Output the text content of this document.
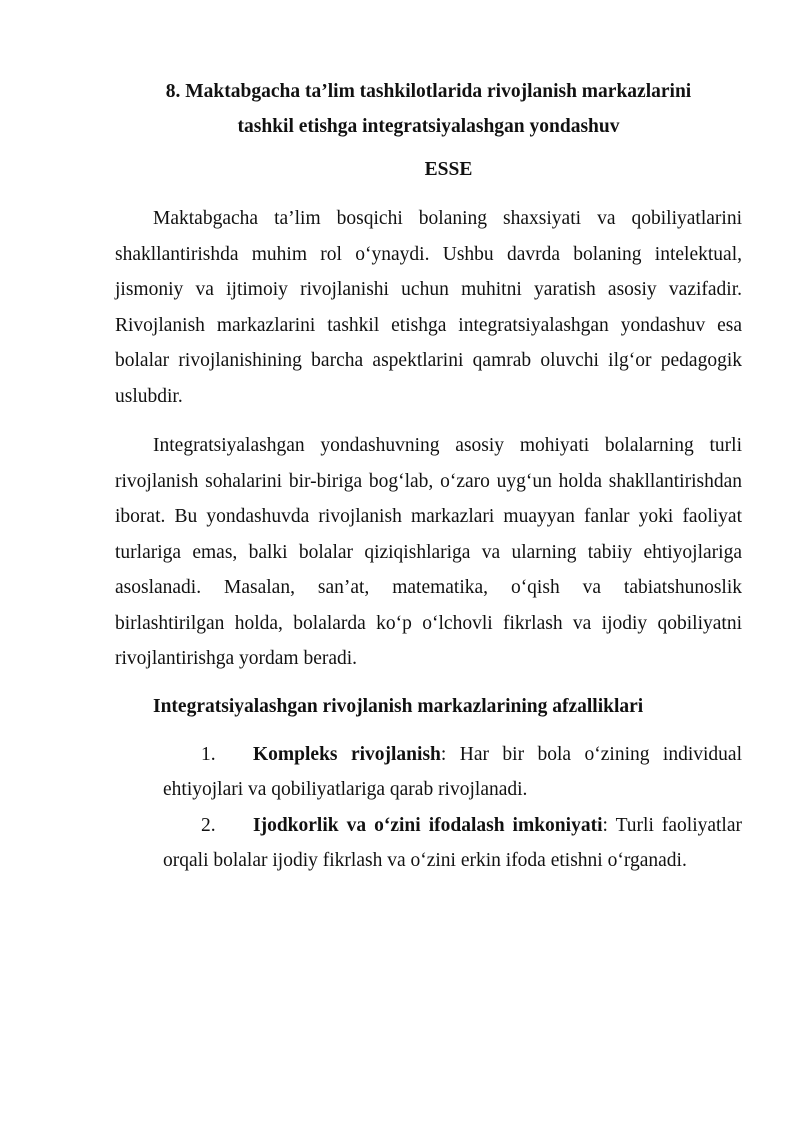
8. Maktabgacha ta’lim tashkilotlarida rivojlanish markazlarini
tashkil etishga integratsiyalashgan yondashuv
ESSE

Maktabgacha ta’lim bosqichi bolaning shaxsiyati va qobiliyatlarini shakllantirishda muhim rol o‘ynaydi. Ushbu davrda bolaning intelektual, jismoniy va ijtimoiy rivojlanishi uchun muhitni yaratish asosiy vazifadir. Rivojlanish markazlarini tashkil etishga integratsiyalashgan yondashuv esa bolalar rivojlanishining barcha aspektlarini qamrab oluvchi ilg‘or pedagogik uslubdir.

Integratsiyalashgan yondashuvning asosiy mohiyati bolalarning turli rivojlanish sohalarini bir-biriga bog‘lab, o‘zaro uyg‘un holda shakllantirishdan iborat. Bu yondashuvda rivojlanish markazlari muayyan fanlar yoki faoliyat turlariga emas, balki bolalar qiziqishlariga va ularning tabiiy ehtiyojlariga asoslanadi. Masalan, san’at, matematika, o‘qish va tabiatshunoslik birlashtirilgan holda, bolalarda ko‘p o‘lchovli fikrlash va ijodiy qobiliyatni rivojlantirishga yordam beradi.

Integratsiyalashgan rivojlanish markazlarining afzalliklari
1. Kompleks rivojlanish: Har bir bola o‘zining individual ehtiyojlari va qobiliyatlariga qarab rivojlanadi.
2. Ijodkorlik va o‘zini ifodalash imkoniyati: Turli faoliyatlar orqali bolalar ijodiy fikrlash va o‘zini erkin ifoda etishni o‘rganadi.
